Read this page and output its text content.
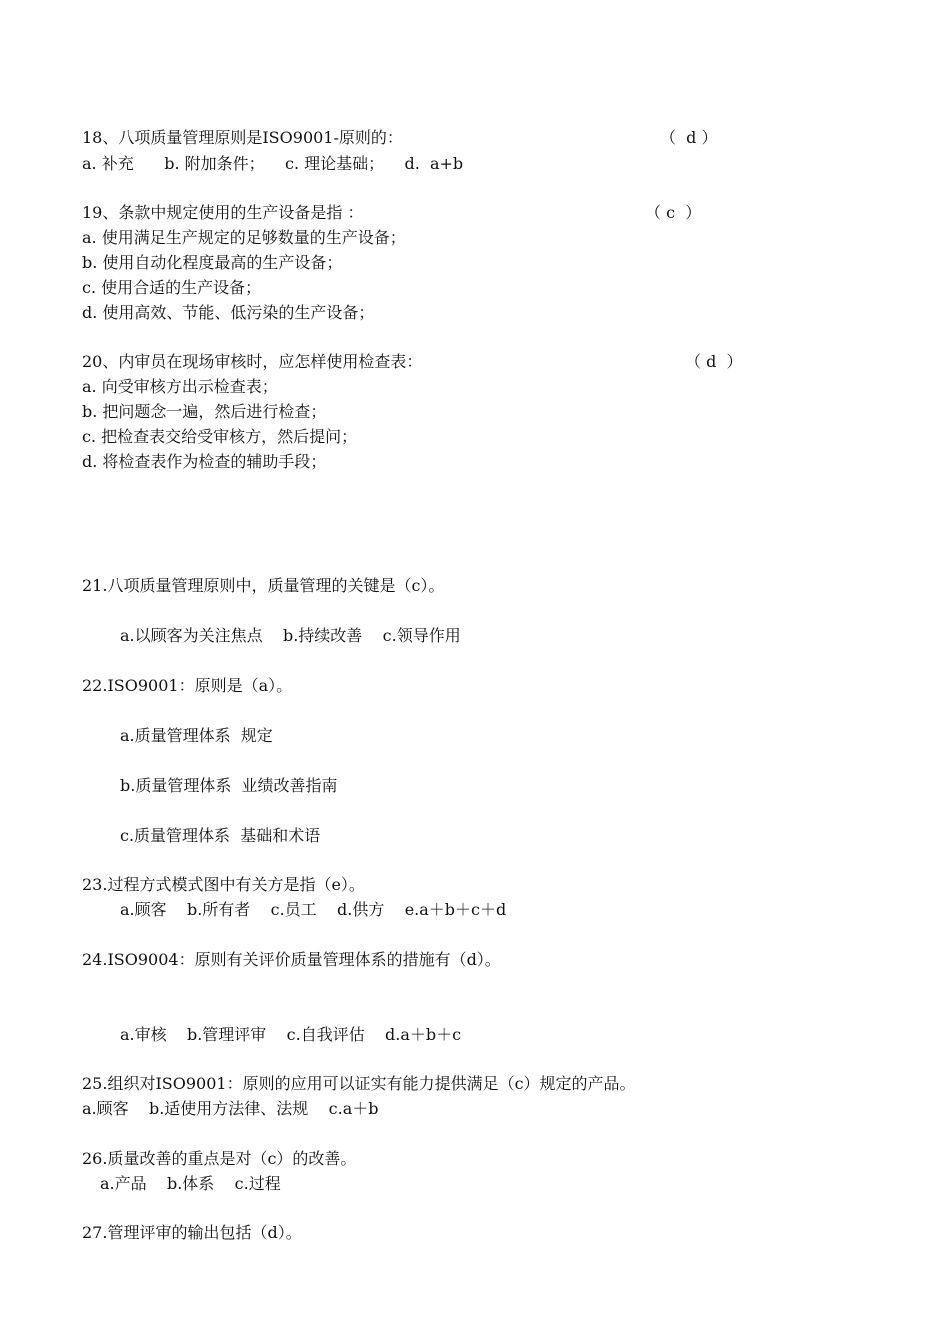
18、八项质量管理原则是ISO9001-原则的：	（  d ）
a. 补充      b. 附加条件；    c. 理论基础；    d.  a+b
19、条款中规定使用的生产设备是指 ：	（ c  ）
a. 使用满足生产规定的足够数量的生产设备；
b. 使用自动化程度最高的生产设备；
c. 使用合适的生产设备；
d. 使用高效、节能、低污染的生产设备；
20、内审员在现场审核时，应怎样使用检查表：	（ d  ）
a. 向受审核方出示检查表；
b. 把问题念一遍，然后进行检查；
c. 把检查表交给受审核方，然后提问；
d. 将检查表作为检查的辅助手段；
21.八项质量管理原则中，质量管理的关键是（c）。
a.以顾客为关注焦点    b.持续改善    c.领导作用
22.ISO9001：原则是（a）。
a.质量管理体系  规定
b.质量管理体系  业绩改善指南
c.质量管理体系  基础和术语
23.过程方式模式图中有关方是指（e）。
a.顾客    b.所有者    c.员工    d.供方    e.a＋b＋c＋d
24.ISO9004：原则有关评价质量管理体系的措施有（d）。
a.审核    b.管理评审    c.自我评估    d.a＋b＋c
25.组织对ISO9001：原则的应用可以证实有能力提供满足（c）规定的产品。
a.顾客    b.适使用方法律、法规    c.a＋b
26.质量改善的重点是对（c）的改善。
a.产品    b.体系    c.过程
27.管理评审的输出包括（d）。
